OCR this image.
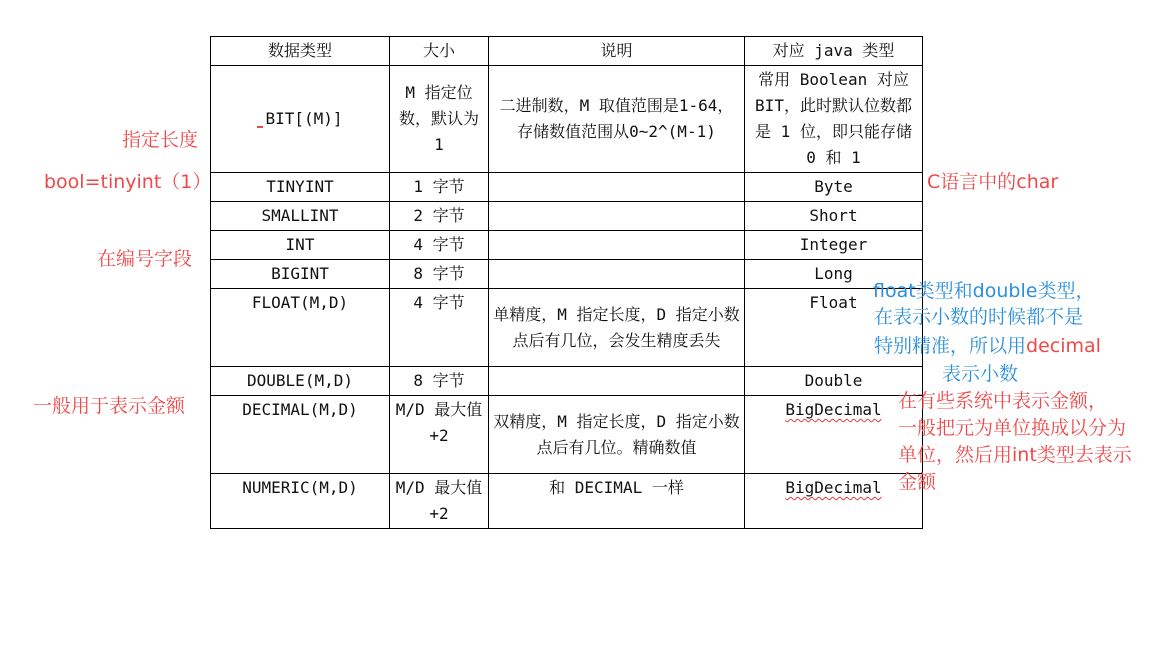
数据类型	大小	说明	对应 java 类型
BIT[(M)]	M 指定位数，默认为 1	二进制数，M 取值范围是1-64，存储数值范围从0~2^(M-1)	常用 Boolean 对应BIT，此时默认位数都是 1 位，即只能存储 0 和 1
TINYINT	1 字节		Byte
SMALLINT	2 字节		Short
INT	4 字节		Integer
BIGINT	8 字节		Long
FLOAT(M,D)	4 字节	单精度，M 指定长度，D 指定小数点后有几位，会发生精度丢失	Float
DOUBLE(M,D)	8 字节		Double
DECIMAL(M,D)	M/D 最大值+2	双精度，M 指定长度，D 指定小数点后有几位。精确数值	BigDecimal
NUMERIC(M,D)	M/D 最大值+2	和 DECIMAL 一样	BigDecimal
指定长度
bool=tinyint（1）
在编号字段
一般用于表示金额
C语言中的char
float类型和double类型，
在表示小数的时候都不是
特别精准，所以用decimal
表示小数
在有些系统中表示金额，
一般把元为单位换成以分为
单位，然后用int类型去表示
金额
